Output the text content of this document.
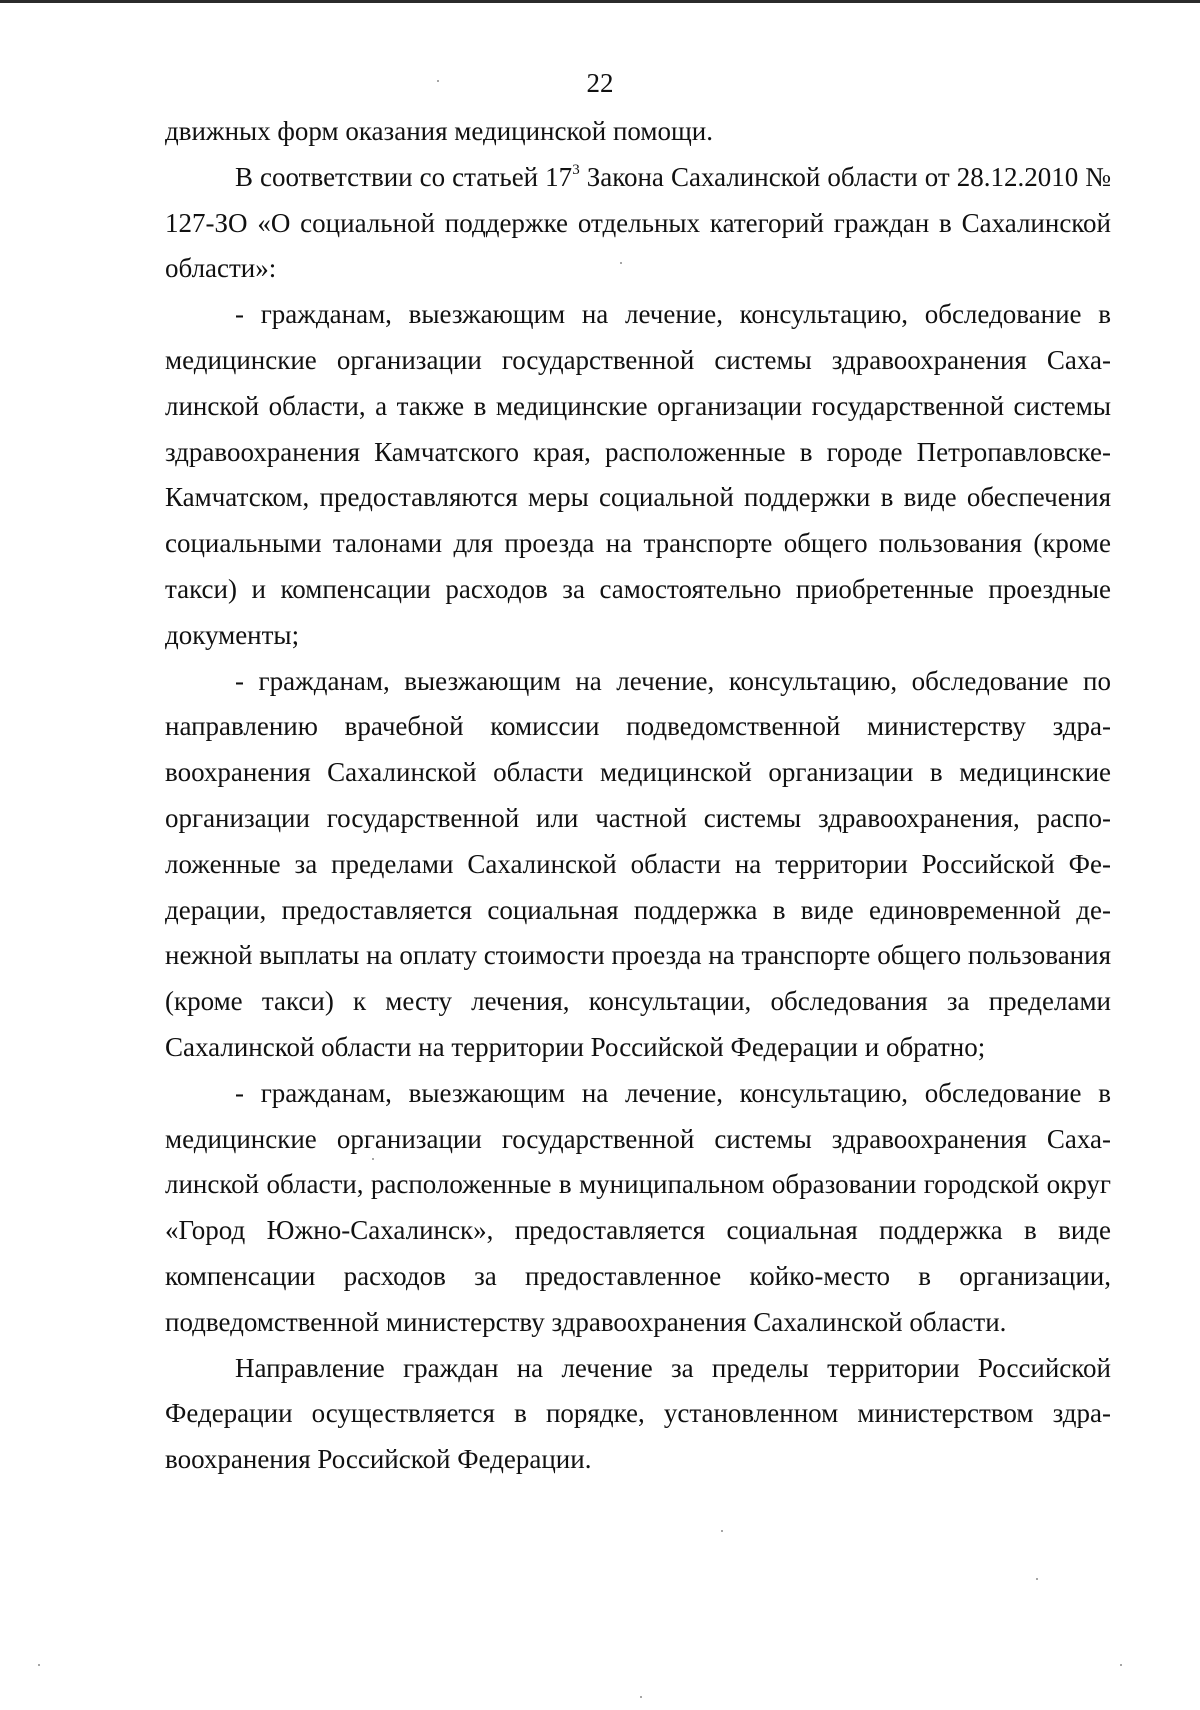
22

движных форм оказания медицинской помощи.

В соответствии со статьей $17^3$ Закона Сахалинской области от 28.12.2010 № 127-ЗО «О социальной поддержке отдельных категорий граждан в Сахалинской области»:

- гражданам, выезжающим на лечение, консультацию, обследование в медицинские организации государственной системы здравоохранения Сахалинской области, а также в медицинские организации государственной системы здравоохранения Камчатского края, расположенные в городе Петропавловске-Камчатском, предоставляются меры социальной поддержки в виде обеспечения социальными талонами для проезда на транспорте общего пользования (кроме такси) и компенсации расходов за самостоятельно приобретенные проездные документы;

- гражданам, выезжающим на лечение, консультацию, обследование по направлению врачебной комиссии подведомственной министерству здравоохранения Сахалинской области медицинской организации в медицинские организации государственной или частной системы здравоохранения, расположенные за пределами Сахалинской области на территории Российской Федерации, предоставляется социальная поддержка в виде единовременной денежной выплаты на оплату стоимости проезда на транспорте общего пользования (кроме такси) к месту лечения, консультации, обследования за пределами Сахалинской области на территории Российской Федерации и обратно;

- гражданам, выезжающим на лечение, консультацию, обследование в медицинские организации государственной системы здравоохранения Сахалинской области, расположенные в муниципальном образовании городской округ «Город Южно-Сахалинск», предоставляется социальная поддержка в виде компенсации расходов за предоставленное койко-место в организации, подведомственной министерству здравоохранения Сахалинской области.

Направление граждан на лечение за пределы территории Российской Федерации осуществляется в порядке, установленном министерством здравоохранения Российской Федерации.
